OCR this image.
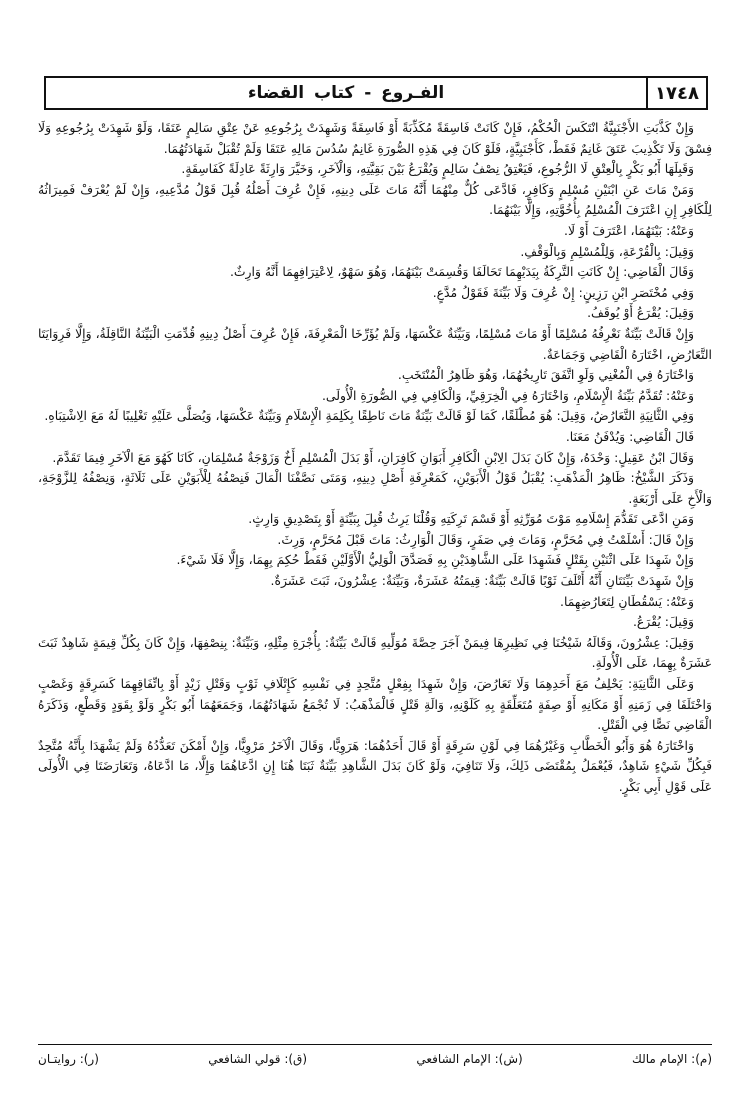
١٧٤٨
الفـروع - كتاب القضاء

وَإِنْ كَذَّبَتِ الأَجْنَبِيَّةُ انْتَكَسَ الْحُكْمُ، فَإِنْ كَانَتْ فَاسِقَةً مُكَذِّبَةً أَوْ فَاسِقَةً وَشَهِدَتْ بِرُجُوعِهِ عَنْ عِتْقِ سَالِمٍ عَتَقَا، وَلَوْ شَهِدَتْ بِرُجُوعِهِ وَلَا فِسْقَ وَلَا تَكْذِيبَ عَتَقَ غَانِمٌ فَقَطْ، كَأَجْنَبِيَّةٍ، فَلَوْ كَانَ فِي هَذِهِ الصُّورَةِ غَانِمٌ سُدُسَ مَالِهِ عَتَقَا وَلَمْ تُقْبَلْ شَهَادَتُهُمَا.

وَقَبِلَهَا أَبُو بَكْرٍ بِالْعِتْقِ لَا الرُّجُوعِ، فَيَعْتِقُ نِصْفُ سَالِمٍ وَيُقْرَعُ بَيْنَ بَقِيَّتِهِ، وَالْآخَرِ، وَخَيَّرَ وَارِثَةً عَادِلَةً كَفَاسِقَةٍ.

وَمَنْ مَاتَ عَنِ ابْنَيْنِ مُسْلِمٍ وَكَافِرٍ، فَادَّعَى كُلٌّ مِنْهُمَا أَنَّهُ مَاتَ عَلَى دِينِهِ، فَإِنْ عُرِفَ أَصْلُهُ قُبِلَ قَوْلُ مُدَّعِيهِ، وَإِنْ لَمْ يُعْرَفْ فَمِيرَاثُهُ لِلْكَافِرِ إِنِ اعْتَرَفَ الْمُسْلِمُ بِأُخُوَّتِهِ، وَإِلَّا بَيْنَهُمَا.

وَعَنْهُ: بَيْنَهُمَا، اعْتَرَفَ أَوْ لَا.

وَقِيلَ: بِالْقُرْعَةِ، وَلِلْمُسْلِمِ وَبِالْوَقْفِ.

وَقَالَ الْقَاضِي: إِنْ كَانَتِ التَّرِكَةُ بِيَدَيْهِمَا تَحَالَفَا وَقُسِمَتْ بَيْنَهُمَا، وَهُوَ سَهْوٌ، لِاعْتِرَافِهِمَا أَنَّهُ وَارِثٌ.

وَفِي مُخْتَصَرِ ابْنِ رَزِينٍ: إِنْ عُرِفَ وَلَا بَيِّنَةَ فَقَوْلُ مُدَّعٍ.

وَقِيلَ: يُقْرَعُ أَوْ يُوقَفُ.

وَإِنْ قَالَتْ بَيِّنَةٌ نَعْرِفُهُ مُسْلِمًا أَوْ مَاتَ مُسْلِمًا، وَبَيِّنَةٌ عَكْسَهَا، وَلَمْ يُؤَرِّخَا الْمَعْرِفَةَ، فَإِنْ عُرِفَ أَصْلُ دِينِهِ قُدِّمَتِ الْبَيِّنَةُ النَّاقِلَةُ، وَإِلَّا فَرِوَايَتَا التَّعَارُضِ، اخْتَارَهُ الْقَاضِي وَجَمَاعَةٌ.

وَاخْتَارَهُ فِي الْمُغْنِي وَلَوِ اتَّفَقَ تَارِيخُهُمَا، وَهُوَ ظَاهِرُ الْمُنْتَخَبِ.

وَعَنْهُ: تُقَدَّمُ بَيِّنَةُ الْإِسْلَامِ، وَاخْتَارَهُ فِي الْخِرَقِيِّ، وَالْكَافِي فِي الصُّورَةِ الْأُولَى.

وَفِي الثَّانِيَةِ التَّعَارُضُ، وَقِيلَ: هُوَ مُطْلَقًا، كَمَا لَوْ قَالَتْ بَيِّنَةٌ مَاتَ نَاطِقًا بِكَلِمَةِ الْإِسْلَامِ وَبَيِّنَةٌ عَكْسَهَا، وَيُصَلَّى عَلَيْهِ تَغْلِيبًا لَهُ مَعَ الِاشْتِبَاهِ.

قَالَ الْقَاضِي: وَيُدْفَنُ مَعَنَا.

وَقَالَ ابْنُ عَقِيلٍ: وَحْدَهُ، وَإِنْ كَانَ بَدَلَ الِابْنِ الْكَافِرِ أَبَوَانِ كَافِرَانِ، أَوْ بَدَلَ الْمُسْلِمِ أَخٌ وَزَوْجَةٌ مُسْلِمَانِ، كَانَا كَهُوَ مَعَ الْآخَرِ فِيمَا تَقَدَّمَ.

وَذَكَرَ الشَّيْخُ: ظَاهِرُ الْمَذْهَبِ: يُقْبَلُ قَوْلُ الْأَبَوَيْنِ، كَمَعْرِفَةِ أَصْلِ دِينِهِ، وَمَتَى نَصَّفْنَا الْمَالَ فَنِصْفُهُ لِلْأَبَوَيْنِ عَلَى ثَلَاثَةٍ، وَنِصْفُهُ لِلزَّوْجَةِ، وَالْأَخِ عَلَى أَرْبَعَةٍ.

وَمَنِ ادَّعَى تَقَدُّمَ إِسْلَامِهِ مَوْتَ مُوَرِّثِهِ أَوْ قَسْمَ تَرِكَتِهِ وَقُلْنَا يَرِثُ قُبِلَ بِبَيِّنَةٍ أَوْ بِتَصْدِيقِ وَارِثٍ.

وَإِنْ قَالَ: أَسْلَمْتُ فِي مُحَرَّمٍ، وَمَاتَ فِي صَفَرٍ، وَقَالَ الْوَارِثُ: مَاتَ قَبْلَ مُحَرَّمٍ، وَرِثَ.

وَإِنْ شَهِدَا عَلَى اثْنَيْنِ بِقَتْلٍ فَشَهِدَا عَلَى الشَّاهِدَيْنِ بِهِ فَصَدَّقَ الْوَلِيُّ الْأَوَّلَيْنِ فَقَطْ حُكِمَ بِهِمَا، وَإِلَّا فَلَا شَيْءَ.

وَإِنْ شَهِدَتْ بَيِّنَتَانِ أَنَّهُ أَتْلَفَ ثَوْبًا قَالَتْ بَيِّنَةٌ: قِيمَتُهُ عَشَرَةٌ، وَبَيِّنَةٌ: عِشْرُونَ، ثَبَتَ عَشَرَةٌ.

وَعَنْهُ: يَسْقُطَانِ لِتَعَارُضِهِمَا.

وَقِيلَ: يُقْرَعُ.

وَقِيلَ: عِشْرُونَ، وَقَالَهُ شَيْخُنَا فِي نَظِيرِهَا فِيمَنْ آجَرَ حِصَّةَ مُوَلِّيهِ قَالَتْ بَيِّنَةٌ: بِأُجْرَةِ مِثْلِهِ، وَبَيِّنَةٌ: بِنِصْفِهَا، وَإِنْ كَانَ بِكُلِّ قِيمَةٍ شَاهِدٌ ثَبَتَ عَشَرَةٌ بِهِمَا، عَلَى الْأُولَةِ.

وَعَلَى الثَّانِيَةِ: يَحْلِفُ مَعَ أَحَدِهِمَا وَلَا تَعَارُضَ، وَإِنْ شَهِدَا بِفِعْلٍ مُتَّحِدٍ فِي نَفْسِهِ كَإِتْلَافِ ثَوْبٍ وَقَتْلِ زَيْدٍ أَوْ بِاتِّفَاقِهِمَا كَسَرِقَةٍ وَغَصْبٍ وَاخْتَلَفَا فِي زَمَنِهِ أَوْ مَكَانِهِ أَوْ صِفَةٍ مُتَعَلِّقَةٍ بِهِ كَلَوْنِهِ، وَالَةِ قَتْلٍ فَالْمَذْهَبُ: لَا تُجْمَعُ شَهَادَتُهُمَا، وَجَمَعَهُمَا أَبُو بَكْرٍ وَلَوْ بِقَوَدٍ وَقَطْعٍ، وَذَكَرَهُ الْقَاضِي نَصًّا فِي الْقَتْلِ.

وَاخْتَارَهُ هُوَ وَأَبُو الْخَطَّابِ وَغَيْرُهُمَا فِي لَوْنِ سَرِقَةٍ أَوْ قَالَ أَحَدُهُمَا: هَرَوِيًّا، وَقَالَ الْآخَرُ مَرْوِيًّا، وَإِنْ أَمْكَنَ تَعَدُّدُهُ وَلَمْ يَشْهَدَا بِأَنَّهُ مُتَّحِدٌ فَبِكُلِّ شَيْءٍ شَاهِدٌ، فَيُعْمَلُ بِمُقْتَضَى ذَلِكَ، وَلَا تَنَافِيَ، وَلَوْ كَانَ بَدَلَ الشَّاهِدِ بَيِّنَةٌ ثَبَتَا هُنَا إِنِ ادَّعَاهُمَا وَإِلَّا، مَا ادَّعَاهُ، وَتَعَارَضَتَا فِي الْأُولَى عَلَى قَوْلِ أَبِي بَكْرٍ.

(م): الإمام مالك
(ش): الإمام الشافعي
(ق): قولي الشافعي
(ر): روايتـان
